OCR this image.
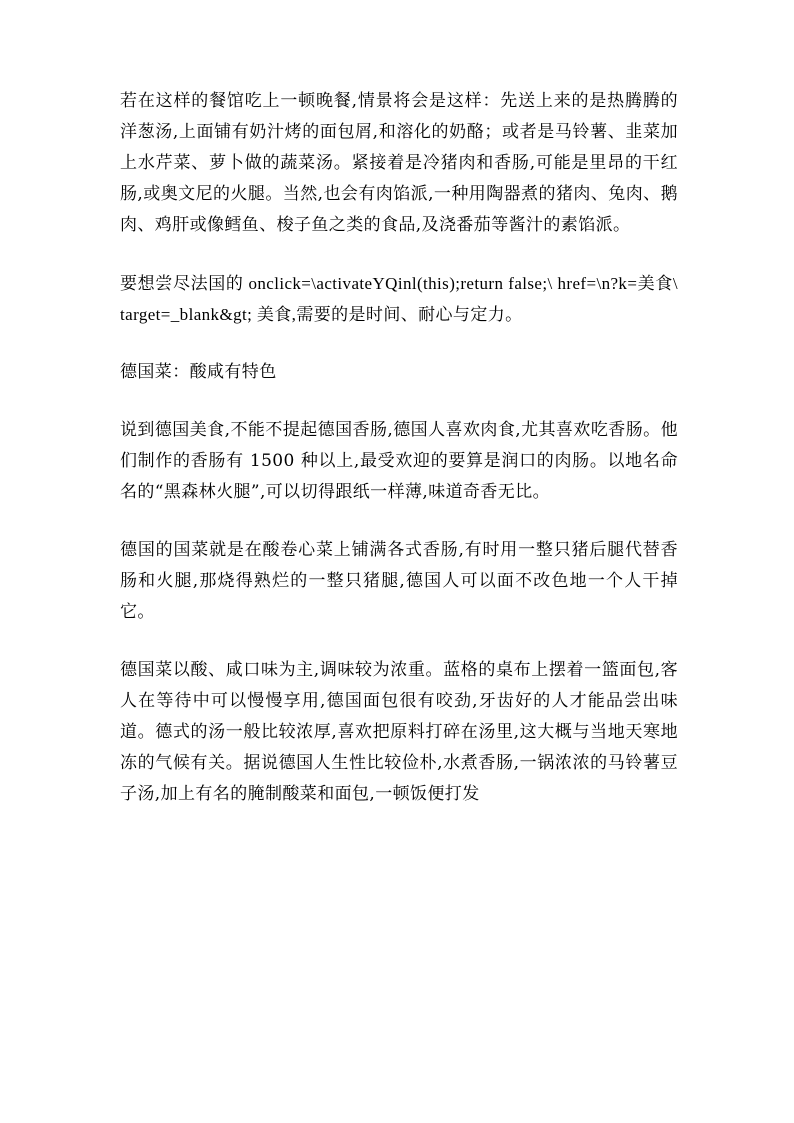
若在这样的餐馆吃上一顿晚餐,情景将会是这样：先送上来的是热腾腾的洋葱汤,上面铺有奶汁烤的面包屑,和溶化的奶酪；或者是马铃薯、韭菜加上水芹菜、萝卜做的蔬菜汤。紧接着是冷猪肉和香肠,可能是里昂的干红肠,或奥文尼的火腿。当然,也会有肉馅派,一种用陶器煮的猪肉、兔肉、鹅肉、鸡肝或像鳕鱼、梭子鱼之类的食品,及浇番茄等酱汁的素馅派。

要想尝尽法国的 onclick=\activateYQinl(this);return false;\ href=\n?k=美食\ target=_blank&gt; 美食,需要的是时间、耐心与定力。

德国菜：酸咸有特色

说到德国美食,不能不提起德国香肠,德国人喜欢肉食,尤其喜欢吃香肠。他们制作的香肠有 1500 种以上,最受欢迎的要算是润口的肉肠。以地名命名的“黑森林火腿”,可以切得跟纸一样薄,味道奇香无比。

德国的国菜就是在酸卷心菜上铺满各式香肠,有时用一整只猪后腿代替香肠和火腿,那烧得熟烂的一整只猪腿,德国人可以面不改色地一个人干掉它。

德国菜以酸、咸口味为主,调味较为浓重。蓝格的桌布上摆着一篮面包,客人在等待中可以慢慢享用,德国面包很有咬劲,牙齿好的人才能品尝出味道。德式的汤一般比较浓厚,喜欢把原料打碎在汤里,这大概与当地天寒地冻的气候有关。据说德国人生性比较俭朴,水煮香肠,一锅浓浓的马铃薯豆子汤,加上有名的腌制酸菜和面包,一顿饭便打发
